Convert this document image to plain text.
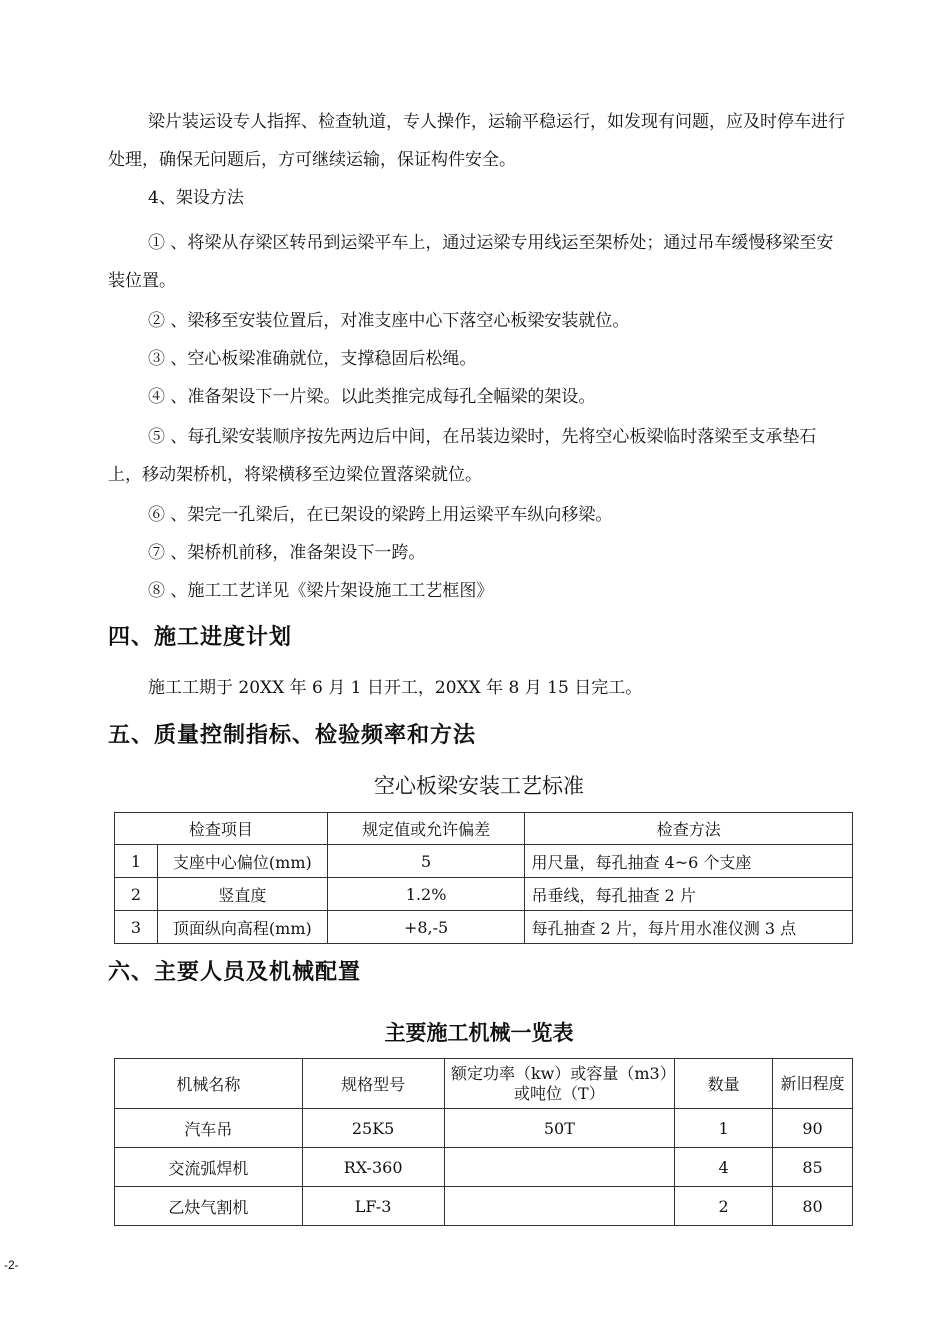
梁片装运设专人指挥、检查轨道，专人操作，运输平稳运行，如发现有问题，应及时停车进行处理，确保无问题后，方可继续运输，保证构件安全。

4、架设方法

① 、将梁从存梁区转吊到运梁平车上，通过运梁专用线运至架桥处；通过吊车缓慢移梁至安装位置。

② 、梁移至安装位置后，对准支座中心下落空心板梁安装就位。

③ 、空心板梁准确就位，支撑稳固后松绳。

④ 、准备架设下一片梁。以此类推完成每孔全幅梁的架设。

⑤ 、每孔梁安装顺序按先两边后中间，在吊装边梁时，先将空心板梁临时落梁至支承垫石上，移动架桥机，将梁横移至边梁位置落梁就位。

⑥ 、架完一孔梁后，在已架设的梁跨上用运梁平车纵向移梁。

⑦ 、架桥机前移，准备架设下一跨。

⑧ 、施工工艺详见《梁片架设施工工艺框图》

四、施工进度计划

施工工期于 20XX 年 6 月 1 日开工，20XX 年 8 月 15 日完工。

五、质量控制指标、检验频率和方法

空心板梁安装工艺标准

检查项目		规定值或允许偏差	检查方法
1	支座中心偏位(mm)	5	用尺量，每孔抽查 4~6 个支座
2	竖直度	1.2%	吊垂线，每孔抽查 2 片
3	顶面纵向高程(mm)	+8,-5	每孔抽查 2 片，每片用水准仪测 3 点
六、主要人员及机械配置

主要施工机械一览表

机械名称	规格型号	额定功率（kw）或容量（m3）或吨位（T）	数量	新旧程度
汽车吊	25K5	50T	1	90
交流弧焊机	RX-360		4	85
乙炔气割机	LF-3		2	80
-2-
